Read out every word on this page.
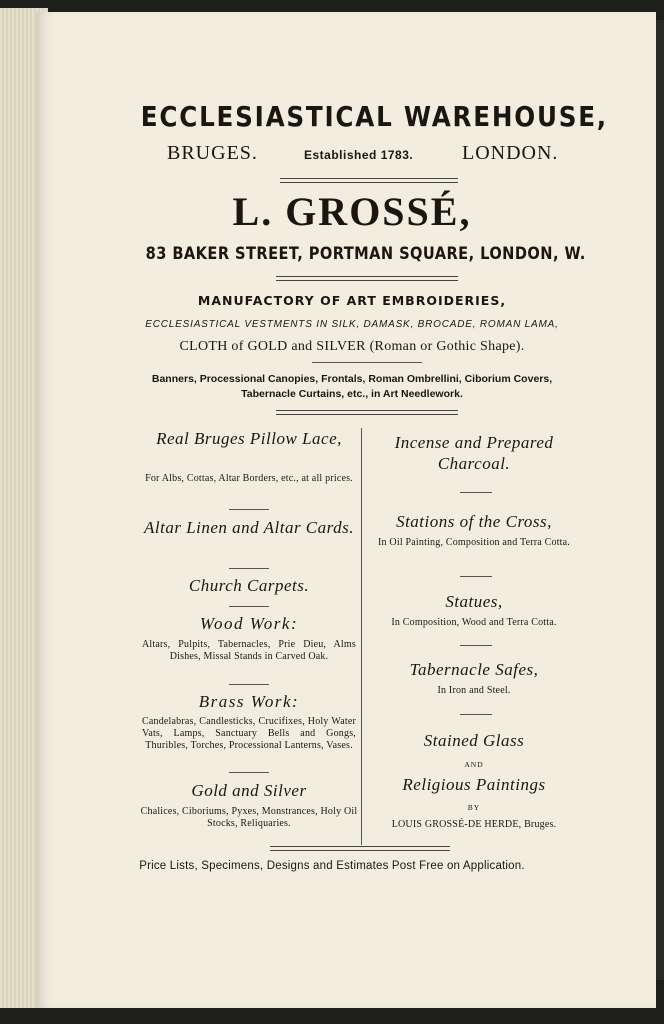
ECCLESIASTICAL WAREHOUSE,
BRUGES.	Established 1783. LONDON.
L. GROSSÉ,
83 BAKER STREET, PORTMAN SQUARE, LONDON, W.
MANUFACTORY OF ART EMBROIDERIES,
ECCLESIASTICAL VESTMENTS IN SILK, DAMASK, BROCADE, ROMAN LAMA,
CLOTH of GOLD and SILVER (Roman or Gothic Shape).
Banners, Processional Canopies, Frontals, Roman Ombrellini, Ciborium Covers,
Tabernacle Curtains, etc., in Art Needlework.
Real Bruges Pillow Lace,
For Albs, Cottas, Altar Borders, etc., at all prices.
Altar Linen and Altar Cards.
Church Carpets.
Wood Work:
Altars, Pulpits, Tabernacles, Prie Dieu, Alms Dishes, Missal Stands in Carved Oak.
Brass Work:
Candelabras, Candlesticks, Crucifixes, Holy Water Vats, Lamps, Sanctuary Bells and Gongs, Thuribles, Torches, Processional Lanterns, Vases.
Gold and Silver
Chalices, Ciboriums, Pyxes, Monstrances, Holy Oil Stocks, Reliquaries.
Incense and Prepared Charcoal.
Stations of the Cross,
In Oil Painting, Composition and Terra Cotta.
Statues,
In Composition, Wood and Terra Cotta.
Tabernacle Safes,
In Iron and Steel.
Stained Glass
AND
Religious Paintings
BY
LOUIS GROSSÉ-DE HERDE, Bruges.
Price Lists, Specimens, Designs and Estimates Post Free on Application.
